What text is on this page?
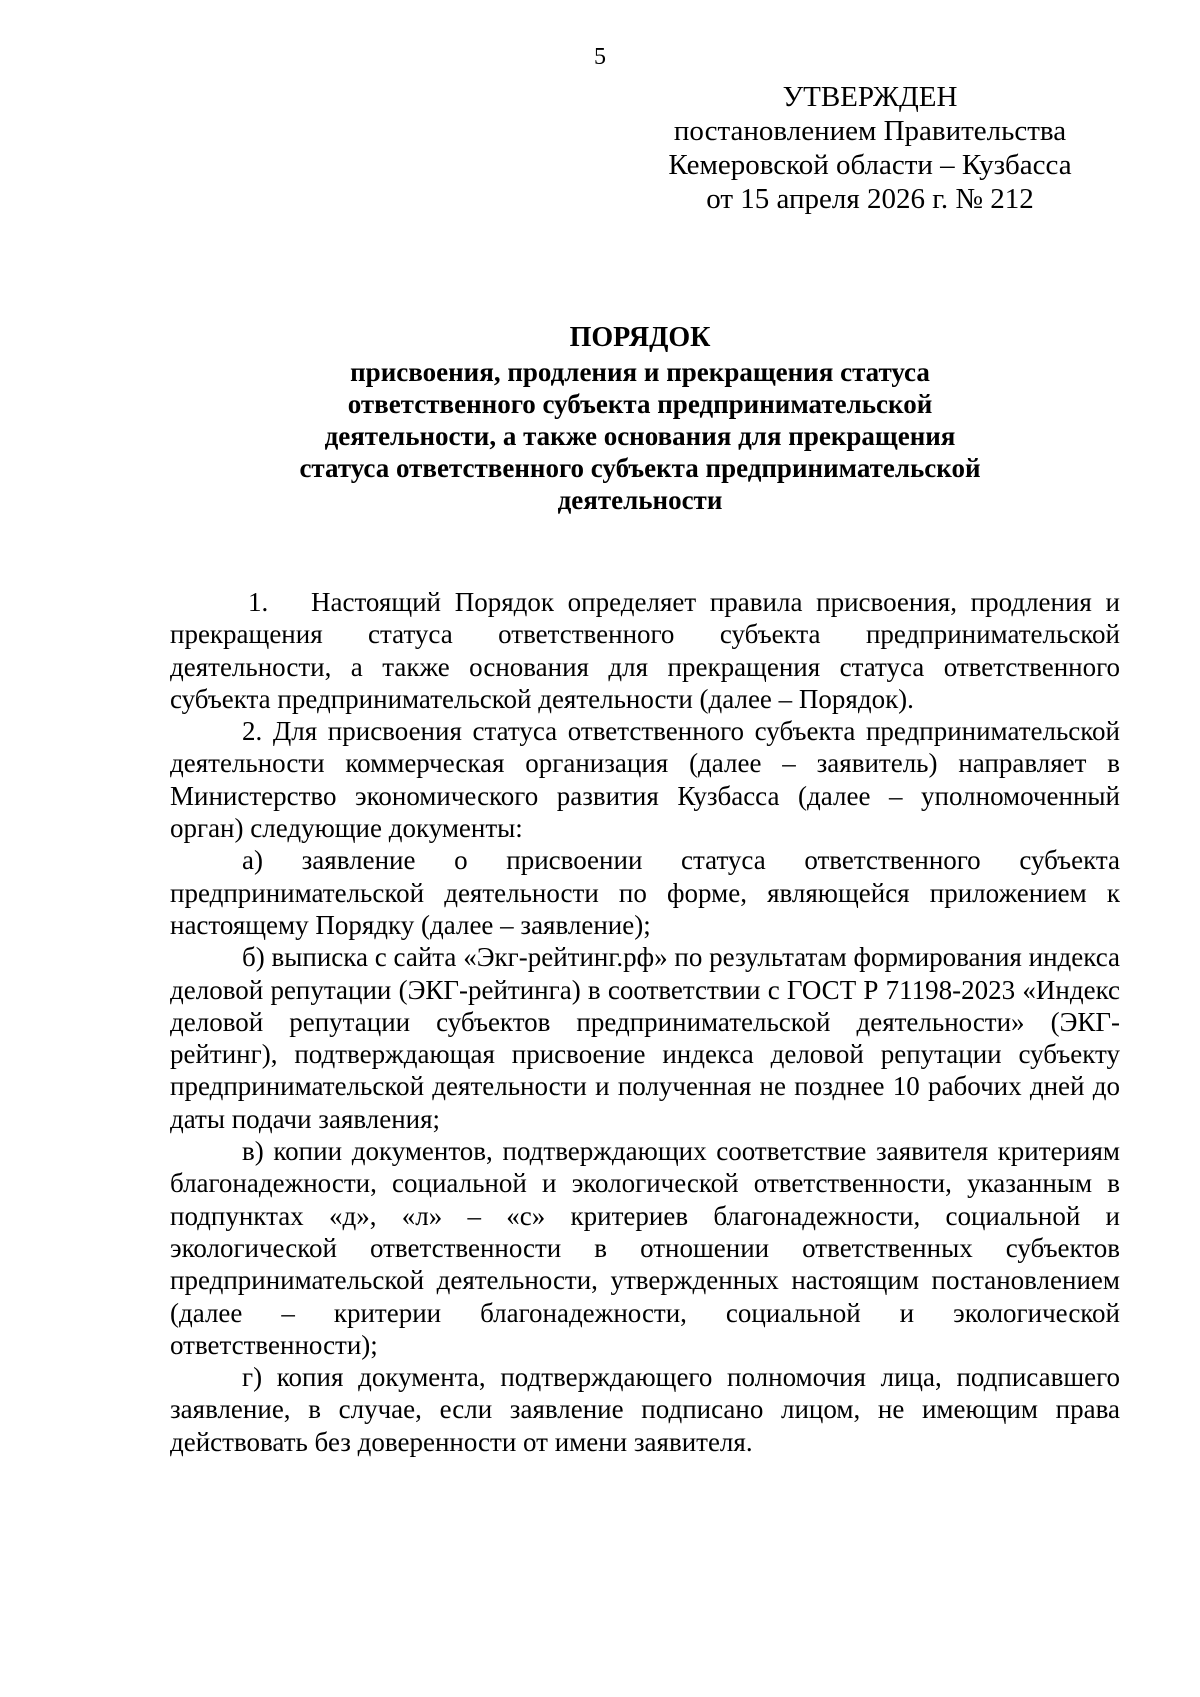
5
УТВЕРЖДЕН
постановлением Правительства
Кемеровской области – Кузбасса
от 15 апреля 2026 г. № 212
ПОРЯДОК
присвоения, продления и прекращения статуса
ответственного субъекта предпринимательской
деятельности, а также основания для прекращения
статуса ответственного субъекта предпринимательской
деятельности

1. Настоящий Порядок определяет правила присвоения, продления и прекращения статуса ответственного субъекта предпринимательской деятельности, а также основания для прекращения статуса ответственного субъекта предпринимательской деятельности (далее – Порядок).

2. Для присвоения статуса ответственного субъекта предпринимательской деятельности коммерческая организация (далее – заявитель) направляет в Министерство экономического развития Кузбасса (далее – уполномоченный орган) следующие документы:

а) заявление о присвоении статуса ответственного субъекта предпринимательской деятельности по форме, являющейся приложением к настоящему Порядку (далее – заявление);

б) выписка с сайта «Экг-рейтинг.рф» по результатам формирования индекса деловой репутации (ЭКГ-рейтинга) в соответствии с ГОСТ Р 71198-2023 «Индекс деловой репутации субъектов предпринимательской деятельности» (ЭКГ-рейтинг), подтверждающая присвоение индекса деловой репутации субъекту предпринимательской деятельности и полученная не позднее 10 рабочих дней до даты подачи заявления;

в) копии документов, подтверждающих соответствие заявителя критериям благонадежности, социальной и экологической ответственности, указанным в подпунктах «д», «л» – «с» критериев благонадежности, социальной и экологической ответственности в отношении ответственных субъектов предпринимательской деятельности, утвержденных настоящим постановлением (далее – критерии благонадежности, социальной и экологической ответственности);

г) копия документа, подтверждающего полномочия лица, подписавшего заявление, в случае, если заявление подписано лицом, не имеющим права действовать без доверенности от имени заявителя.
